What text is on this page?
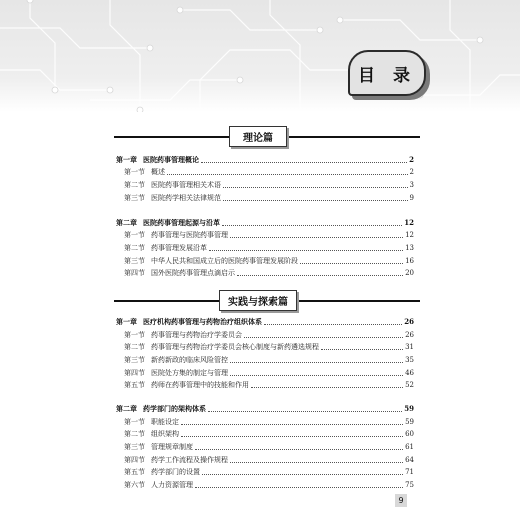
目 录
理论篇
第一章 医院药事管理概论	2
第一节 概述	2
第二节 医院药事管理相关术语	3
第三节 医院药学相关法律规范	9
第二章 医院药事管理起源与沿革	12
第一节 药事管理与医院药事管理	12
第二节 药事管理发展沿革	13
第三节 中华人民共和国成立后的医院药事管理发展阶段	16
第四节 国外医院药事管理点滴启示	20
实践与探索篇
第一章 医疗机构药事管理与药物治疗组织体系	26
第一节 药事管理与药物治疗学委员会	26
第二节 药事管理与药物治疗学委员会核心制度与新药遴选规程	31
第三节 新药新政的临床风险管控	35
第四节 医院处方集的制定与管理	46
第五节 药师在药事管理中的技能和作用	52
第二章 药学部门的架构体系	59
第一节 职能设定	59
第二节 组织架构	60
第三节 管理规章制度	61
第四节 药学工作流程及操作规程	64
第五节 药学部门的设置	71
第六节 人力资源管理	75
9
